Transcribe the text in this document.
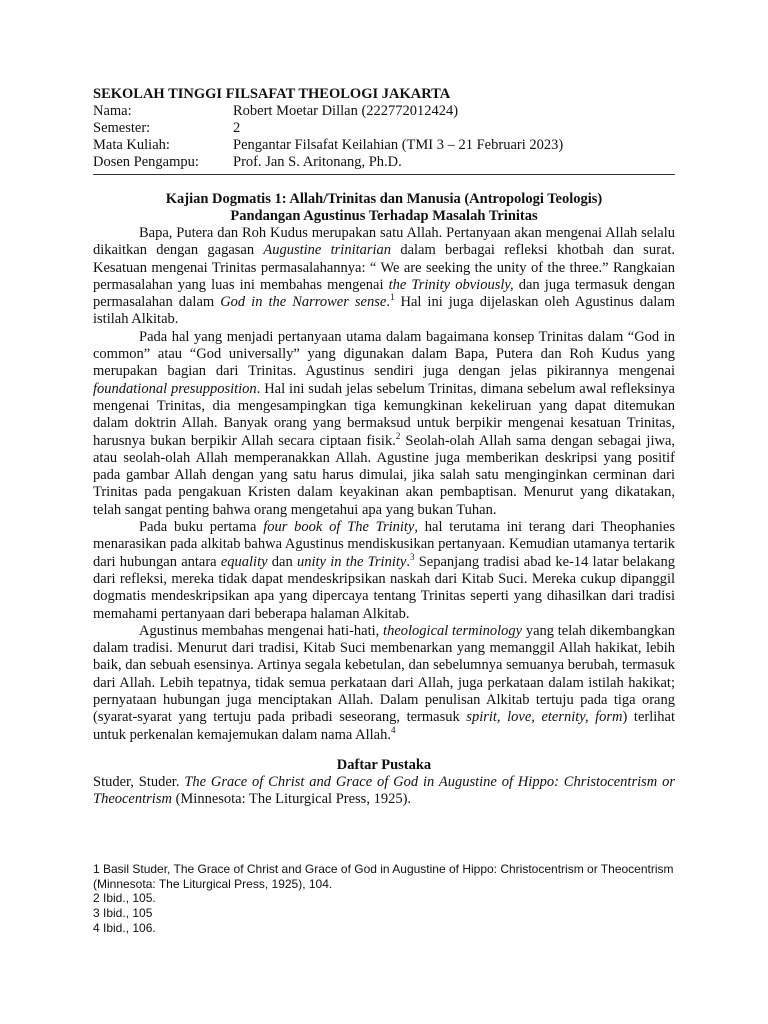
SEKOLAH TINGGI FILSAFAT THEOLOGI JAKARTA
Nama:	Robert Moetar Dillan (222772012424)
Semester:	2
Mata Kuliah:	Pengantar Filsafat Keilahian (TMI 3 – 21 Februari 2023)
Dosen Pengampu:	Prof. Jan S. Aritonang, Ph.D.
Kajian Dogmatis 1: Allah/Trinitas dan Manusia (Antropologi Teologis)
Pandangan Agustinus Terhadap Masalah Trinitas

Bapa, Putera dan Roh Kudus merupakan satu Allah. Pertanyaan akan mengenai Allah selalu dikaitkan dengan gagasan Augustine trinitarian dalam berbagai refleksi khotbah dan surat. Kesatuan mengenai Trinitas permasalahannya: “ We are seeking the unity of the three.” Rangkaian permasalahan yang luas ini membahas mengenai the Trinity obviously, dan juga termasuk dengan permasalahan dalam God in the Narrower sense.$^1$ Hal ini juga dijelaskan oleh Agustinus dalam istilah Alkitab.

Pada hal yang menjadi pertanyaan utama dalam bagaimana konsep Trinitas dalam “God in common” atau “God universally” yang digunakan dalam Bapa, Putera dan Roh Kudus yang merupakan bagian dari Trinitas. Agustinus sendiri juga dengan jelas pikirannya mengenai foundational presupposition. Hal ini sudah jelas sebelum Trinitas, dimana sebelum awal refleksinya mengenai Trinitas, dia mengesampingkan tiga kemungkinan kekeliruan yang dapat ditemukan dalam doktrin Allah. Banyak orang yang bermaksud untuk berpikir mengenai kesatuan Trinitas, harusnya bukan berpikir Allah secara ciptaan fisik.$^2$ Seolah-olah Allah sama dengan sebagai jiwa, atau seolah-olah Allah memperanakkan Allah. Agustine juga memberikan deskripsi yang positif pada gambar Allah dengan yang satu harus dimulai, jika salah satu menginginkan cerminan dari Trinitas pada pengakuan Kristen dalam keyakinan akan pembaptisan. Menurut yang dikatakan, telah sangat penting bahwa orang mengetahui apa yang bukan Tuhan.

Pada buku pertama four book of The Trinity, hal terutama ini terang dari Theophanies menarasikan pada alkitab bahwa Agustinus mendiskusikan pertanyaan. Kemudian utamanya tertarik dari hubungan antara equality dan unity in the Trinity.$^3$ Sepanjang tradisi abad ke-14 latar belakang dari refleksi, mereka tidak dapat mendeskripsikan naskah dari Kitab Suci. Mereka cukup dipanggil dogmatis mendeskripsikan apa yang dipercaya tentang Trinitas seperti yang dihasilkan dari tradisi memahami pertanyaan dari beberapa halaman Alkitab.

Agustinus membahas mengenai hati-hati, theological terminology yang telah dikembangkan dalam tradisi. Menurut dari tradisi, Kitab Suci membenarkan yang memanggil Allah hakikat, lebih baik, dan sebuah esensinya. Artinya segala kebetulan, dan sebelumnya semuanya berubah, termasuk dari Allah. Lebih tepatnya, tidak semua perkataan dari Allah, juga perkataan dalam istilah hakikat; pernyataan hubungan juga menciptakan Allah. Dalam penulisan Alkitab tertuju pada tiga orang (syarat-syarat yang tertuju pada pribadi seseorang, termasuk spirit, love, eternity, form) terlihat untuk perkenalan kemajemukan dalam nama Allah.$^4$

Daftar Pustaka

Studer, Studer. The Grace of Christ and Grace of God in Augustine of Hippo: Christocentrism or Theocentrism (Minnesota: The Liturgical Press, 1925).

1 Basil Studer, The Grace of Christ and Grace of God in Augustine of Hippo: Christocentrism or Theocentrism (Minnesota: The Liturgical Press, 1925), 104.
2 Ibid., 105.
3 Ibid., 105
4 Ibid., 106.
